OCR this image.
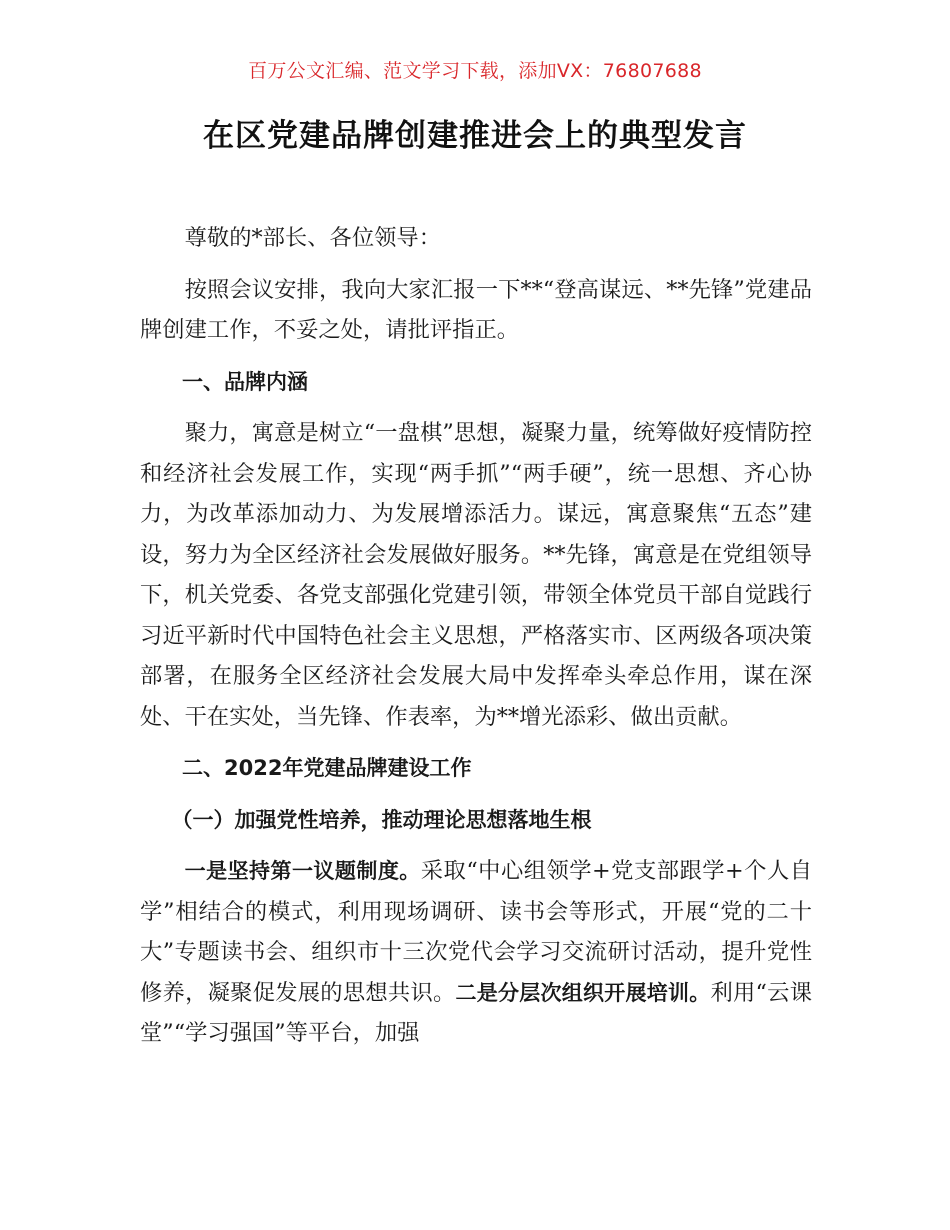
百万公文汇编、范文学习下载，添加VX：76807688
在区党建品牌创建推进会上的典型发言

尊敬的*部长、各位领导：

按照会议安排，我向大家汇报一下**“登高谋远、**先锋”党建品牌创建工作，不妥之处，请批评指正。

一、品牌内涵

聚力，寓意是树立“一盘棋”思想，凝聚力量，统筹做好疫情防控和经济社会发展工作，实现“两手抓”“两手硬”，统一思想、齐心协力，为改革添加动力、为发展增添活力。谋远，寓意聚焦“五态”建设，努力为全区经济社会发展做好服务。**先锋，寓意是在党组领导下，机关党委、各党支部强化党建引领，带领全体党员干部自觉践行习近平新时代中国特色社会主义思想，严格落实市、区两级各项决策部署，在服务全区经济社会发展大局中发挥牵头牵总作用，谋在深处、干在实处，当先锋、作表率，为**增光添彩、做出贡献。

二、2022年党建品牌建设工作

（一）加强党性培养，推动理论思想落地生根

一是坚持第一议题制度。采取“中心组领学+党支部跟学+个人自学”相结合的模式，利用现场调研、读书会等形式，开展“党的二十大”专题读书会、组织市十三次党代会学习交流研讨活动，提升党性修养，凝聚促发展的思想共识。二是分层次组织开展培训。利用“云课堂”“学习强国”等平台，加强
